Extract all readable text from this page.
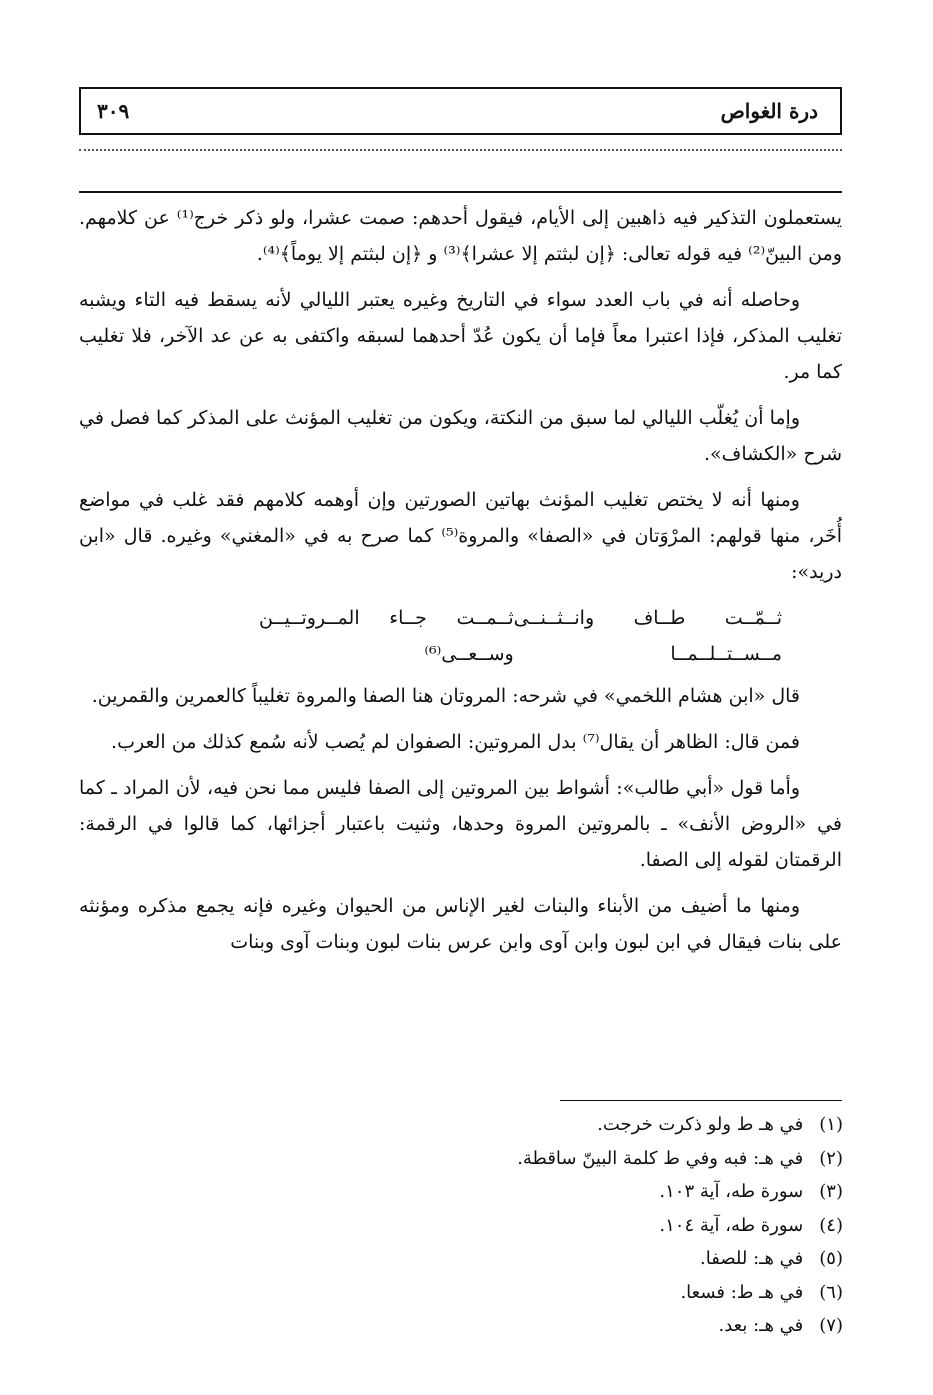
درة الغواص
٣٠٩

يستعملون التذكير فيه ذاهبين إلى الأيام، فيقول أحدهم: صمت عشرا، ولو ذكر خرج⁽¹⁾ عن كلامهم. ومن البينّ⁽²⁾ فيه قوله تعالى: ﴿إن لبثتم إلا عشرا﴾⁽³⁾ و ﴿إن لبثتم إلا يوماً﴾⁽⁴⁾.

وحاصله أنه في باب العدد سواء في التاريخ وغيره يعتبر الليالي لأنه يسقط فيه التاء ويشبه تغليب المذكر، فإذا اعتبرا معاً فإما أن يكون عُدّ أحدهما لسبقه واكتفى به عن عد الآخر، فلا تغليب كما مر.

وإما أن يُغلّب الليالي لما سبق من النكتة، ويكون من تغليب المؤنث على المذكر كما فصل في شرح «الكشاف».

ومنها أنه لا يختص تغليب المؤنث بهاتين الصورتين وإن أوهمه كلامهم فقد غلب في مواضع أُخَر، منها قولهم: المرْوَتان في «الصفا» والمروة⁽⁵⁾ كما صرح به في «المغني» وغيره. قال «ابن دريد»:

ثــمّــت طــاف وانــثــنــى مــســتــلــمــا
ثــمــت جــاء المــروتــيــن وســعــى⁽⁶⁾

قال «ابن هشام اللخمي» في شرحه: المروتان هنا الصفا والمروة تغليباً كالعمرين والقمرين.

فمن قال: الظاهر أن يقال⁽⁷⁾ بدل المروتين: الصفوان لم يُصب لأنه سُمع كذلك من العرب.

وأما قول «أبي طالب»: أشواط بين المروتين إلى الصفا فليس مما نحن فيه، لأن المراد ـ كما في «الروض الأنف» ـ بالمروتين المروة وحدها، وثنيت باعتبار أجزائها، كما قالوا في الرقمة: الرقمتان لقوله إلى الصفا.

ومنها ما أضيف من الأبناء والبنات لغير الإناس من الحيوان وغيره فإنه يجمع مذكره ومؤنثه على بنات فيقال في ابن لبون وابن آوى وابن عرس بنات لبون وبنات آوى وبنات

(١) في هـ ط ولو ذكرت خرجت.
(٢) في هـ: فبه وفي ط كلمة البينّ ساقطة.
(٣) سورة طه، آية ١٠٣.
(٤) سورة طه، آية ١٠٤.
(٥) في هـ: للصفا.
(٦) في هـ ط: فسعا.
(٧) في هـ: بعد.
